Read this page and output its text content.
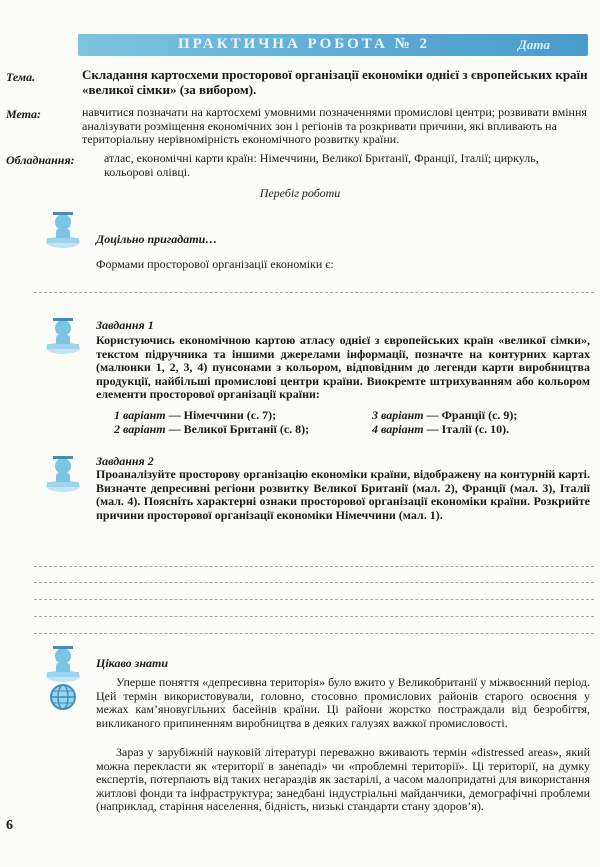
ПРАКТИЧНА РОБОТА № 2	Дата
Тема.	Складання картосхеми просторової організації економіки однієї з європейських країн «великої сімки» (за вибором).
Мета:	навчитися позначати на картосхемі умовними позначеннями промислові центри; розвивати вміння аналізувати розміщення економічних зон і регіонів та розкривати причини, які впливають на територіальну нерівномірність економічного розвитку країни.
Обладнання: атлас, економічні карти країн: Німеччини, Великої Британії, Франції, Італії; циркуль, кольорові олівці.
Перебіг роботи
Доцільно пригадати…
Формами просторової організації економіки є:
Завдання 1
Користуючись економічною картою атласу однієї з європейських країн «великої сімки», текстом підручника та іншими джерелами інформації, позначте на контурних картах (малюнки 1, 2, 3, 4) пунсонами з кольором, відповідним до легенди карти виробництва продукції, найбільші промислові центри країни. Виокремте штрихуванням або кольором елементи просторової організації країни:
1 варіант — Німеччини (с. 7);
2 варіант — Великої Британії (с. 8);
3 варіант — Франції (с. 9);
4 варіант — Італії (с. 10).
Завдання 2
Проаналізуйте просторову організацію економіки країни, відображену на контурній карті. Визначте депресивні регіони розвитку Великої Британії (мал. 2), Франції (мал. 3), Італії (мал. 4). Поясніть характерні ознаки просторової організації економіки країни. Розкрийте причини просторової організації економіки Німеччини (мал. 1).
Цікаво знати
Уперше поняття «депресивна територія» було вжито у Великобританії у міжвоєнний період. Цей термін використовували, головно, стосовно промислових районів старого освоєння у межах кам’яновугільних басейнів країни. Ці райони жорстко постраждали від безробіття, викликаного припиненням виробництва в деяких галузях важкої промисловості.
Зараз у зарубіжній науковій літературі переважно вживають термін «distressed areas», який можна перекласти як «території в занепаді» чи «проблемні території». Ці території, на думку експертів, потерпають від таких негараздів як застарілі, а часом малопридатні для використання житлові фонди та інфраструктура; занедбані індустріальні майданчики, демографічні проблеми (наприклад, старіння населення, бідність, низькі стандарти стану здоров’я).
6
